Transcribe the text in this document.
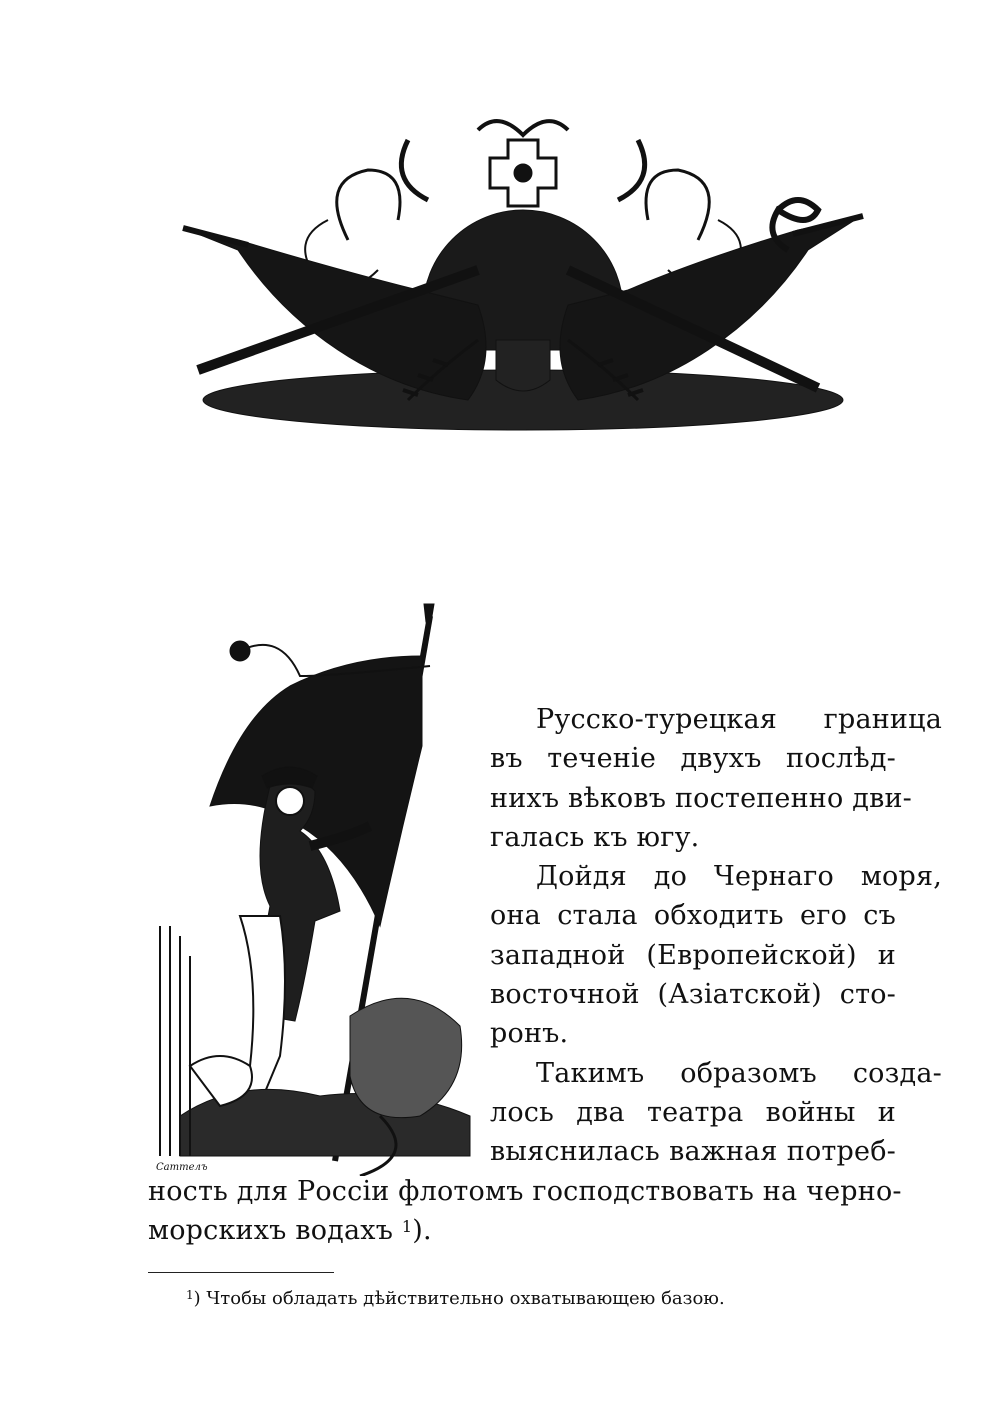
Саттелъ
Русско-турецкая граница
въ теченіе двухъ послѣд-
нихъ вѣковъ постепенно дви-
галась къ югу.
Дойдя до Чернаго моря,
она стала обходить его съ
западной (Европейской) и
восточной (Азіатской) сто-
ронъ.
Такимъ образомъ созда-
лось два театра войны и
выяснилась важная потреб-
ность для Россіи флотомъ господствовать на черно-
морскихъ водахъ $^1$).
$^1$) Чтобы обладать дѣйствительно охватывающею базою.
